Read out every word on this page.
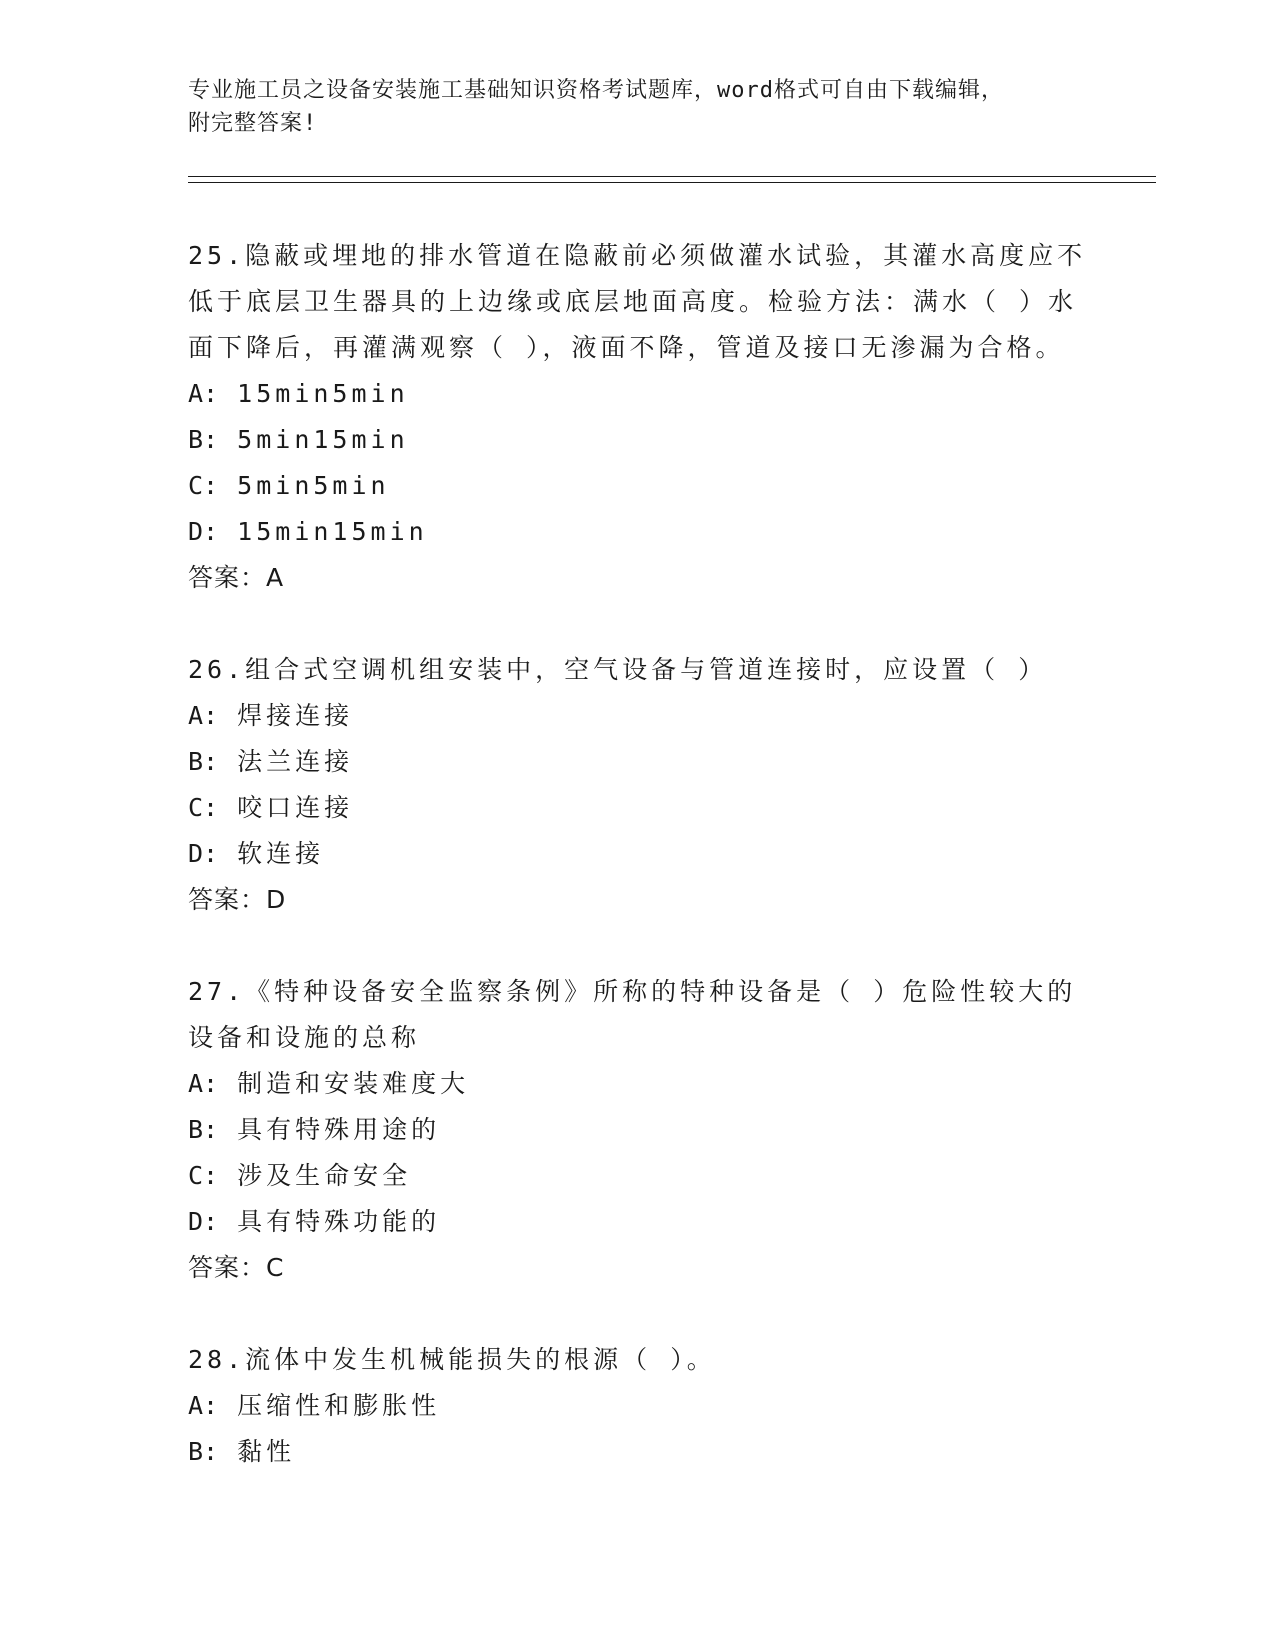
专业施工员之设备安装施工基础知识资格考试题库，word格式可自由下载编辑，
附完整答案!
25.隐蔽或埋地的排水管道在隐蔽前必须做灌水试验，其灌水高度应不低于底层卫生器具的上边缘或底层地面高度。检验方法：满水（ ）水面下降后，再灌满观察（ ），液面不降，管道及接口无渗漏为合格。
A: 15min5min
B: 5min15min
C: 5min5min
D: 15min15min
答案：A
26.组合式空调机组安装中，空气设备与管道连接时，应设置（ ）
A: 焊接连接
B: 法兰连接
C: 咬口连接
D: 软连接
答案：D
27.《特种设备安全监察条例》所称的特种设备是（ ）危险性较大的设备和设施的总称
A: 制造和安装难度大
B: 具有特殊用途的
C: 涉及生命安全
D: 具有特殊功能的
答案：C
28.流体中发生机械能损失的根源（ ）。
A: 压缩性和膨胀性
B: 黏性
